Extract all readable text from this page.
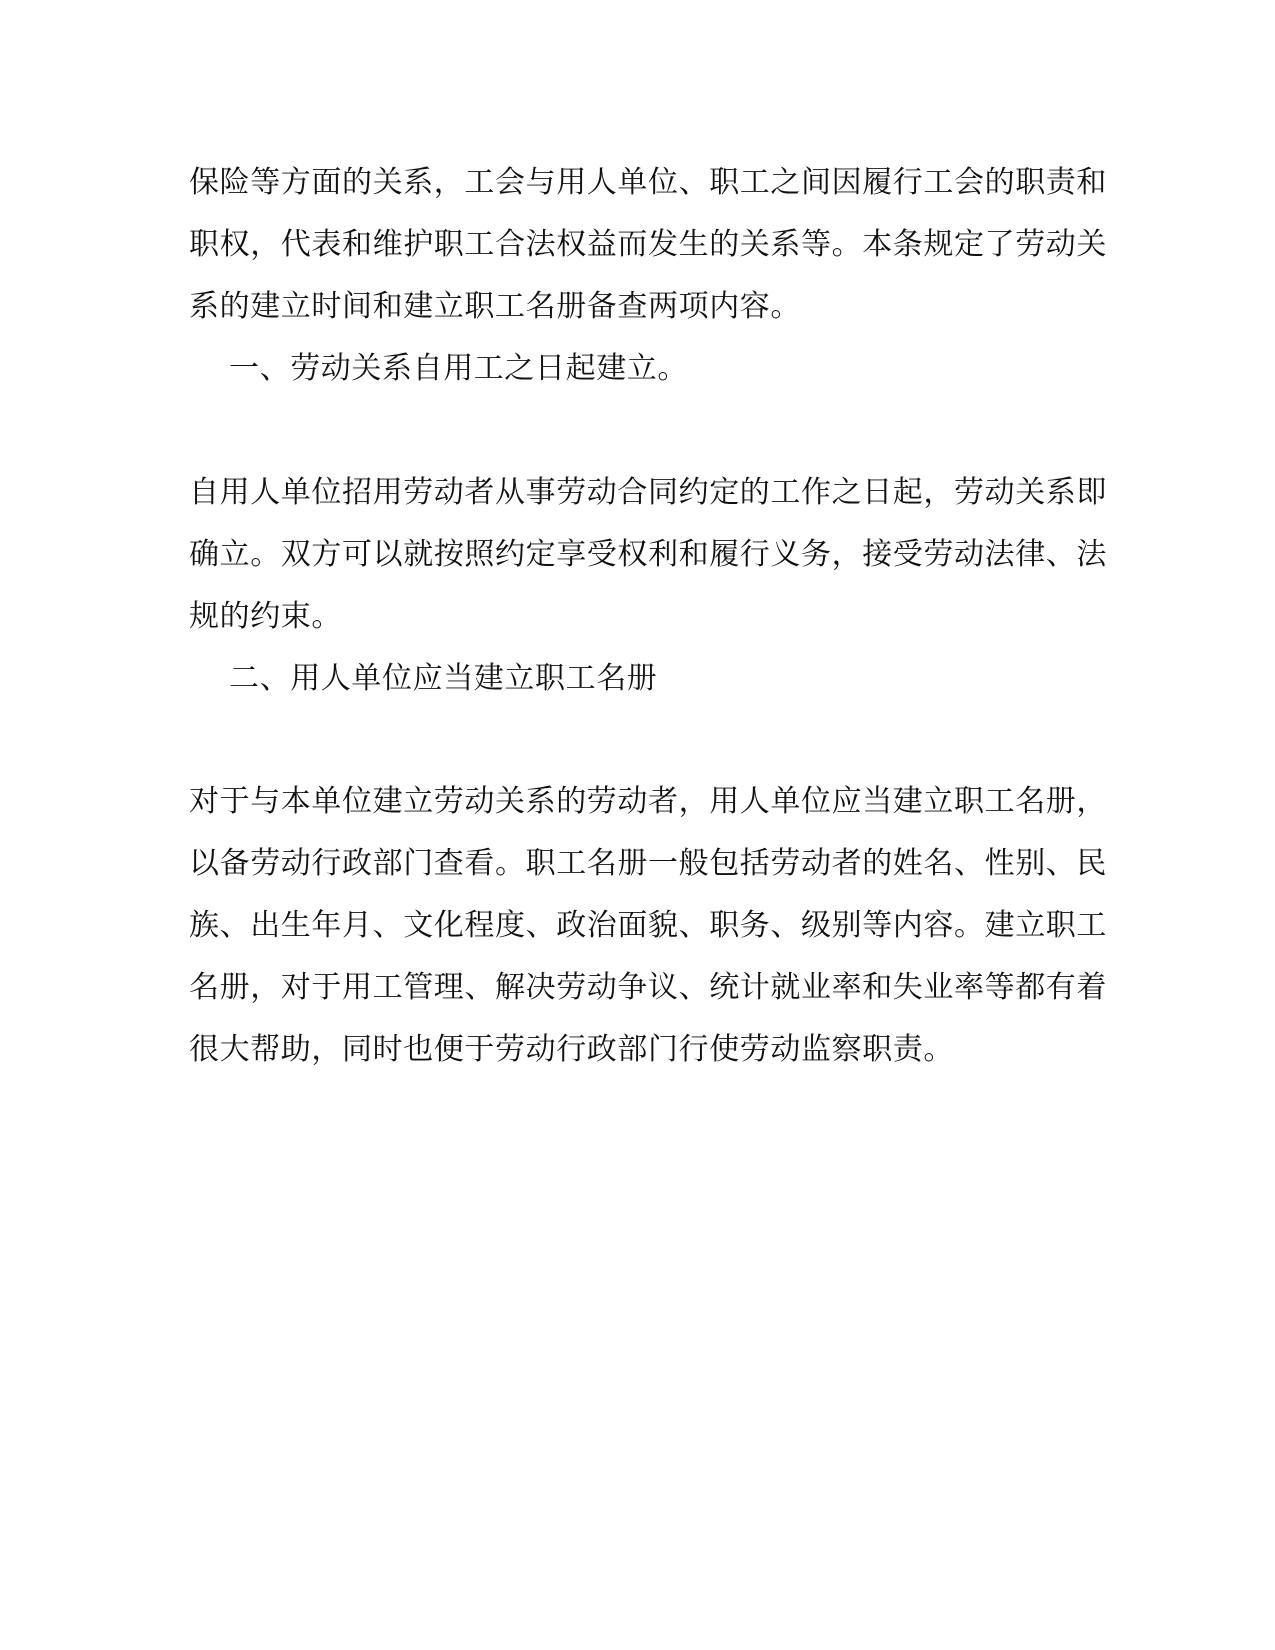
保险等方面的关系，工会与用人单位、职工之间因履行工会的职责和
职权，代表和维护职工合法权益而发生的关系等。本条规定了劳动关
系的建立时间和建立职工名册备查两项内容。
一、劳动关系自用工之日起建立。
自用人单位招用劳动者从事劳动合同约定的工作之日起，劳动关系即
确立。双方可以就按照约定享受权利和履行义务，接受劳动法律、法
规的约束。
二、用人单位应当建立职工名册
对于与本单位建立劳动关系的劳动者，用人单位应当建立职工名册，
以备劳动行政部门查看。职工名册一般包括劳动者的姓名、性别、民
族、出生年月、文化程度、政治面貌、职务、级别等内容。建立职工
名册，对于用工管理、解决劳动争议、统计就业率和失业率等都有着
很大帮助，同时也便于劳动行政部门行使劳动监察职责。
